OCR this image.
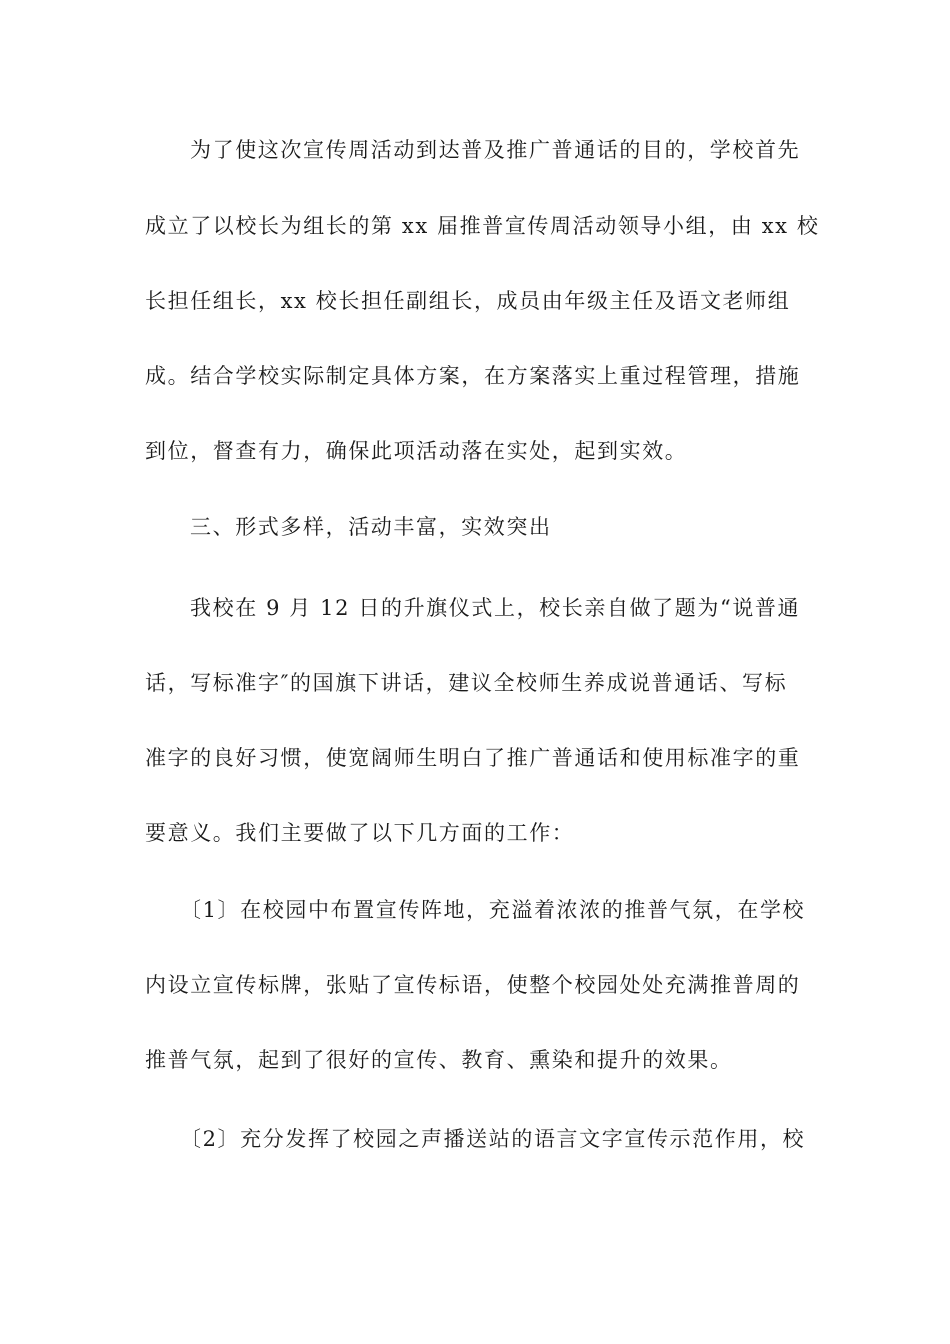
为了使这次宣传周活动到达普及推广普通话的目的，学校首先
成立了以校长为组长的第 xx 届推普宣传周活动领导小组，由 xx 校
长担任组长，xx 校长担任副组长，成员由年级主任及语文老师组
成。结合学校实际制定具体方案，在方案落实上重过程管理，措施
到位，督查有力，确保此项活动落在实处，起到实效。
三、形式多样，活动丰富，实效突出
我校在 9 月 12 日的升旗仪式上，校长亲自做了题为“说普通
话，写标准字″的国旗下讲话，建议全校师生养成说普通话、写标
准字的良好习惯，使宽阔师生明白了推广普通话和使用标准字的重
要意义。我们主要做了以下几方面的工作：
〔1〕在校园中布置宣传阵地，充溢着浓浓的推普气氛，在学校
内设立宣传标牌，张贴了宣传标语，使整个校园处处充满推普周的
推普气氛，起到了很好的宣传、教育、熏染和提升的效果。
〔2〕充分发挥了校园之声播送站的语言文字宣传示范作用，校
